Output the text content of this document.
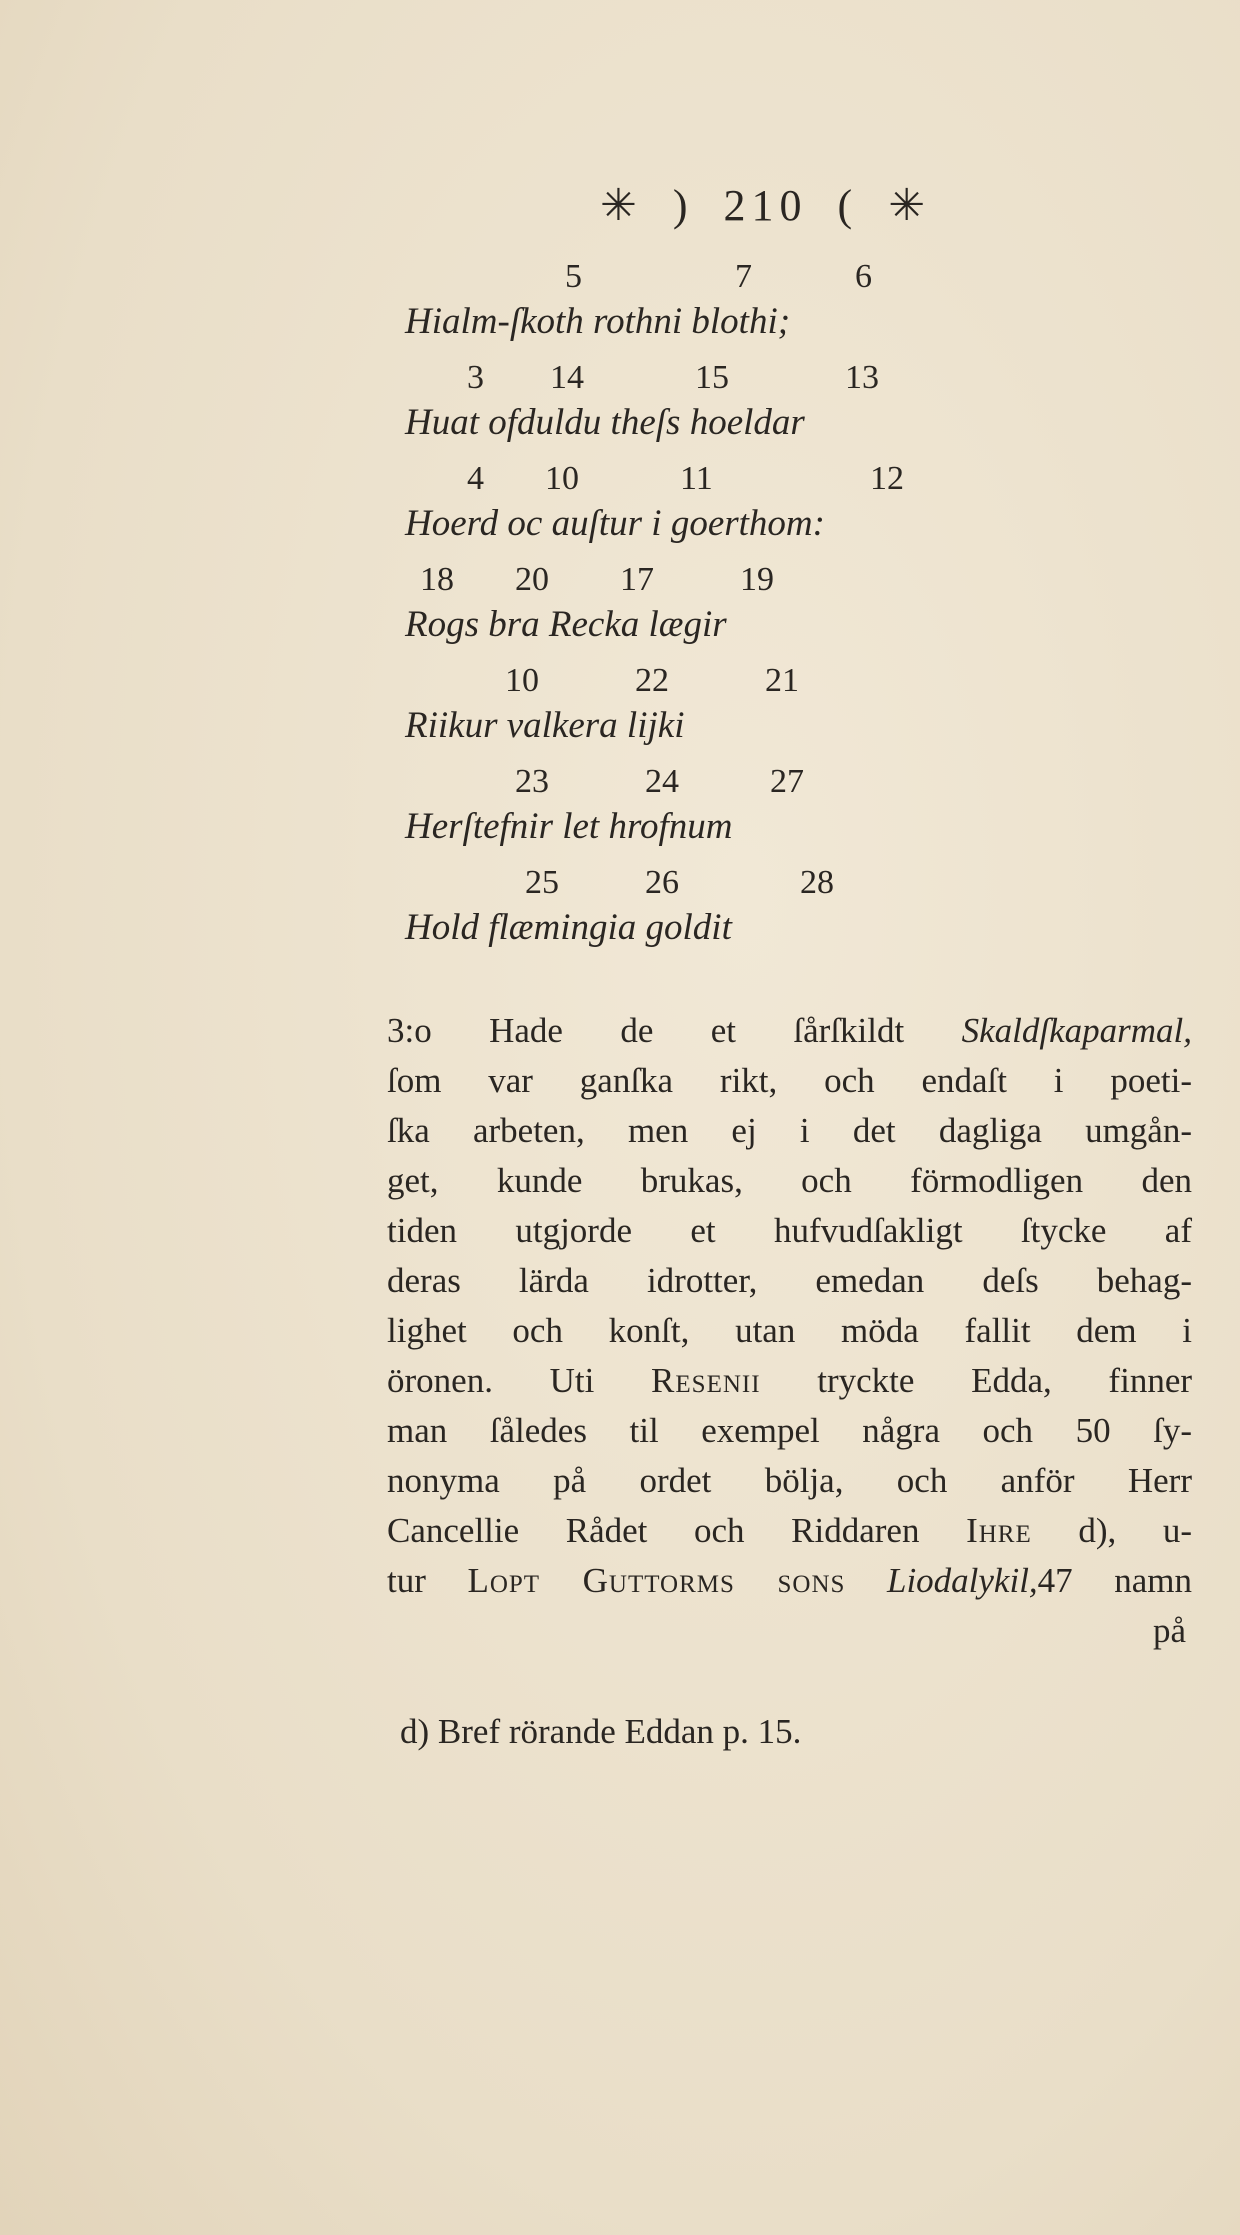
✳ ) 210 ( ✳
5	7	6
Hialm-ſkoth rothni blothi;
3 14	15	13
Huat ofduldu theſs hoeldar
4 10	11	12
Hoerd oc auſtur i goerthom:
18 20 17	19
Rogs bra Recka lægir
10	22	21
Riikur valkera lijki
23	24	27
Herſtefnir let hrofnum
25	26	28
Hold flæmingia goldit
3:o Hade de et ſårſkildt Skaldſkaparmal,
ſom var ganſka rikt, och endaſt i poeti-
ſka arbeten, men ej i det dagliga umgån-
get, kunde brukas, och förmodligen den
tiden utgjorde et hufvudſakligt ſtycke af
deras lärda idrotter, emedan deſs behag-
lighet och konſt, utan möda fallit dem i
öronen. Uti Resenii tryckte Edda, finner
man ſåledes til exempel några och 50 ſy-
nonyma på ordet bölja, och anför Herr
Cancellie Rådet och Riddaren Ihre d), u-
tur Lopt Guttorms sons Liodalykil,47 namn
på
d) Bref rörande Eddan p. 15.
